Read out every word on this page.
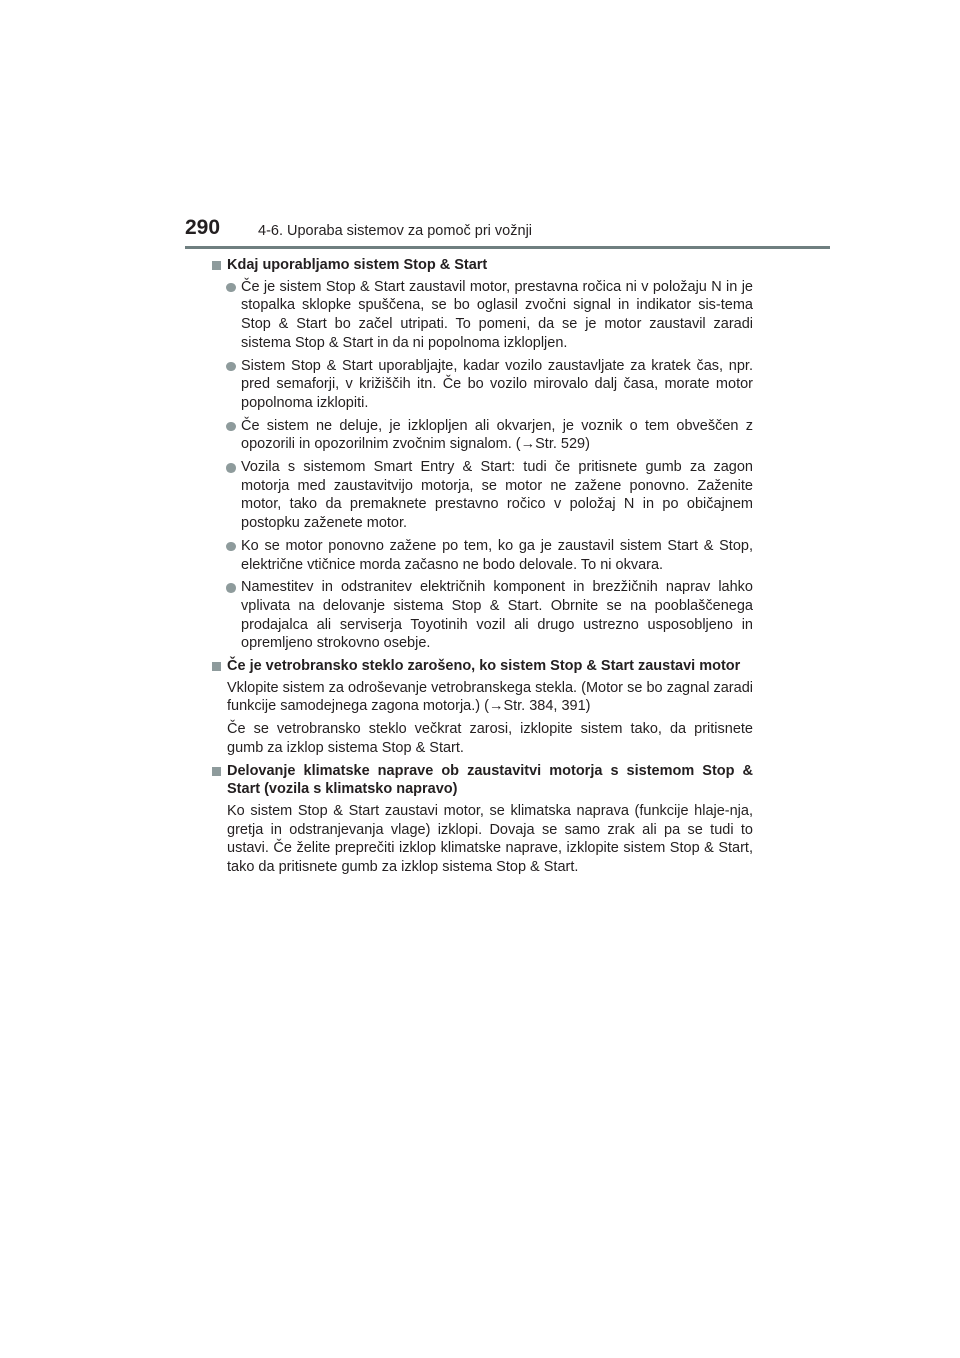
290	4-6. Uporaba sistemov za pomoč pri vožnji
Kdaj uporabljamo sistem Stop & Start
Če je sistem Stop & Start zaustavil motor, prestavna ročica ni v položaju N in je stopalka sklopke spuščena, se bo oglasil zvočni signal in indikator sis-tema Stop & Start bo začel utripati. To pomeni, da se je motor zaustavil zaradi sistema Stop & Start in da ni popolnoma izklopljen.
Sistem Stop & Start uporabljajte, kadar vozilo zaustavljate za kratek čas, npr. pred semaforji, v križiščih itn. Če bo vozilo mirovalo dalj časa, morate motor popolnoma izklopiti.
Če sistem ne deluje, je izklopljen ali okvarjen, je voznik o tem obveščen z opozorili in opozorilnim zvočnim signalom. (→Str. 529)
Vozila s sistemom Smart Entry & Start: tudi če pritisnete gumb za zagon motorja med zaustavitvijo motorja, se motor ne zažene ponovno. Zaženite motor, tako da premaknete prestavno ročico v položaj N in po običajnem postopku zaženete motor.
Ko se motor ponovno zažene po tem, ko ga je zaustavil sistem Start & Stop, električne vtičnice morda začasno ne bodo delovale. To ni okvara.
Namestitev in odstranitev električnih komponent in brezžičnih naprav lahko vplivata na delovanje sistema Stop & Start. Obrnite se na pooblaščenega prodajalca ali serviserja Toyotinih vozil ali drugo ustrezno usposobljeno in opremljeno strokovno osebje.
Če je vetrobransko steklo zarošeno, ko sistem Stop & Start zaustavi motor
Vklopite sistem za odroševanje vetrobranskega stekla. (Motor se bo zagnal zaradi funkcije samodejnega zagona motorja.) (→Str. 384, 391)
Če se vetrobransko steklo večkrat zarosi, izklopite sistem tako, da pritisnete gumb za izklop sistema Stop & Start.
Delovanje klimatske naprave ob zaustavitvi motorja s sistemom Stop & Start (vozila s klimatsko napravo)
Ko sistem Stop & Start zaustavi motor, se klimatska naprava (funkcije hlaje-nja, gretja in odstranjevanja vlage) izklopi. Dovaja se samo zrak ali pa se tudi to ustavi. Če želite preprečiti izklop klimatske naprave, izklopite sistem Stop & Start, tako da pritisnete gumb za izklop sistema Stop & Start.
